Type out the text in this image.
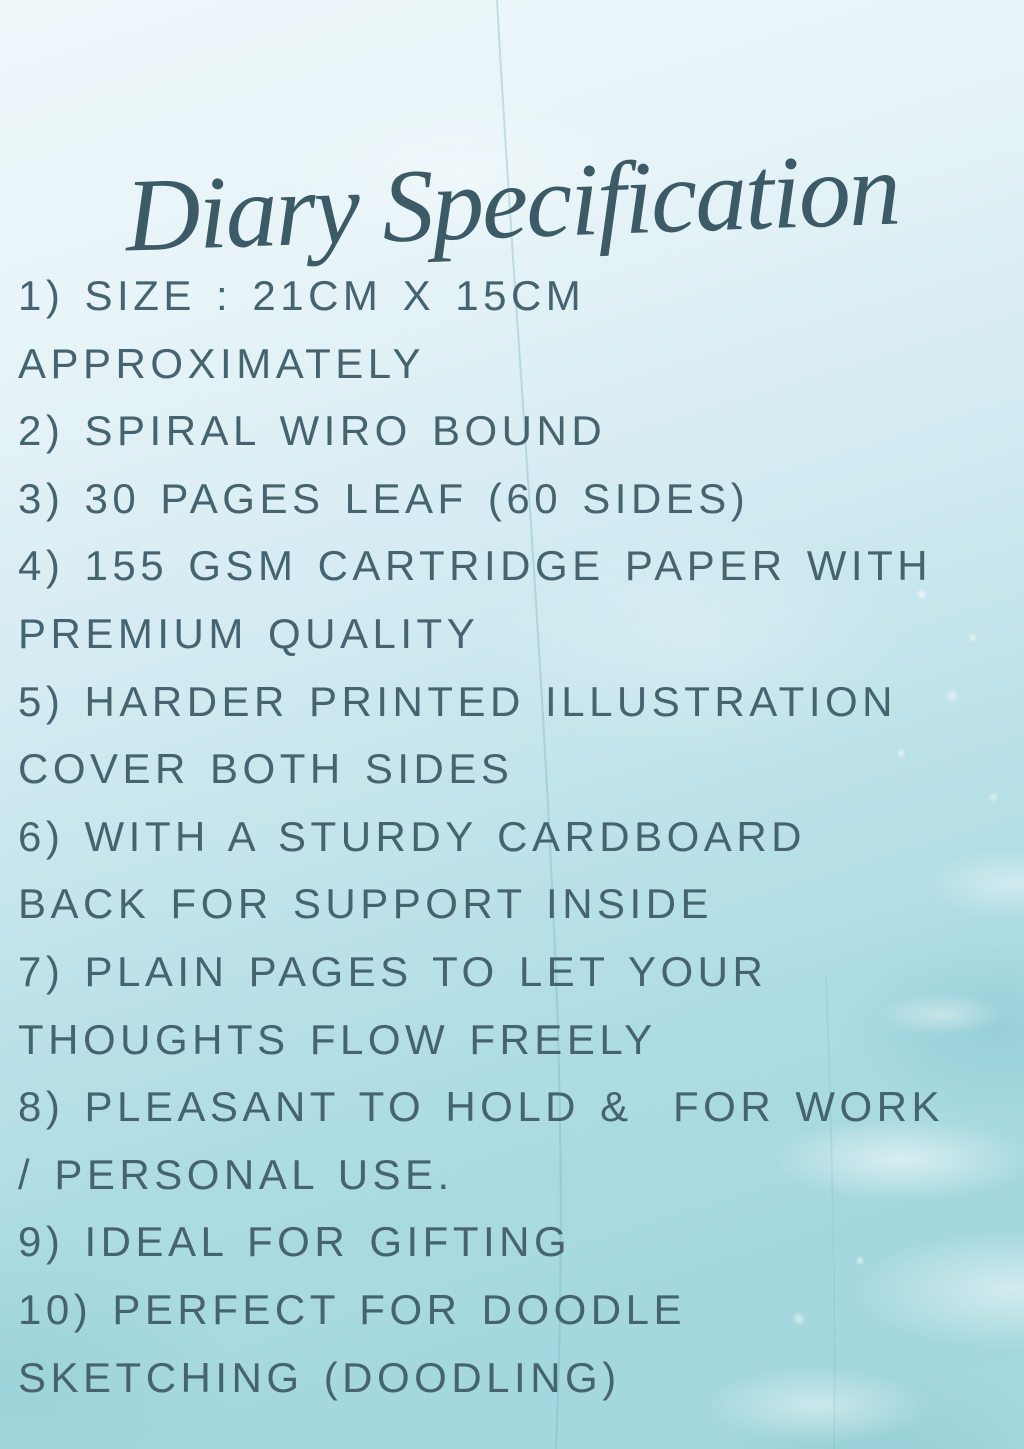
Diary Specification
1) SIZE : 21CM X 15CM
APPROXIMATELY
2) SPIRAL WIRO BOUND
3) 30 PAGES LEAF (60 SIDES)
4) 155 GSM CARTRIDGE PAPER WITH
PREMIUM QUALITY
5) HARDER PRINTED ILLUSTRATION
COVER BOTH SIDES
6) WITH A STURDY CARDBOARD
BACK FOR SUPPORT INSIDE
7) PLAIN PAGES TO LET YOUR
THOUGHTS FLOW FREELY
8) PLEASANT TO HOLD &  FOR WORK
/ PERSONAL USE.
9) IDEAL FOR GIFTING
10) PERFECT FOR DOODLE
SKETCHING (DOODLING)
